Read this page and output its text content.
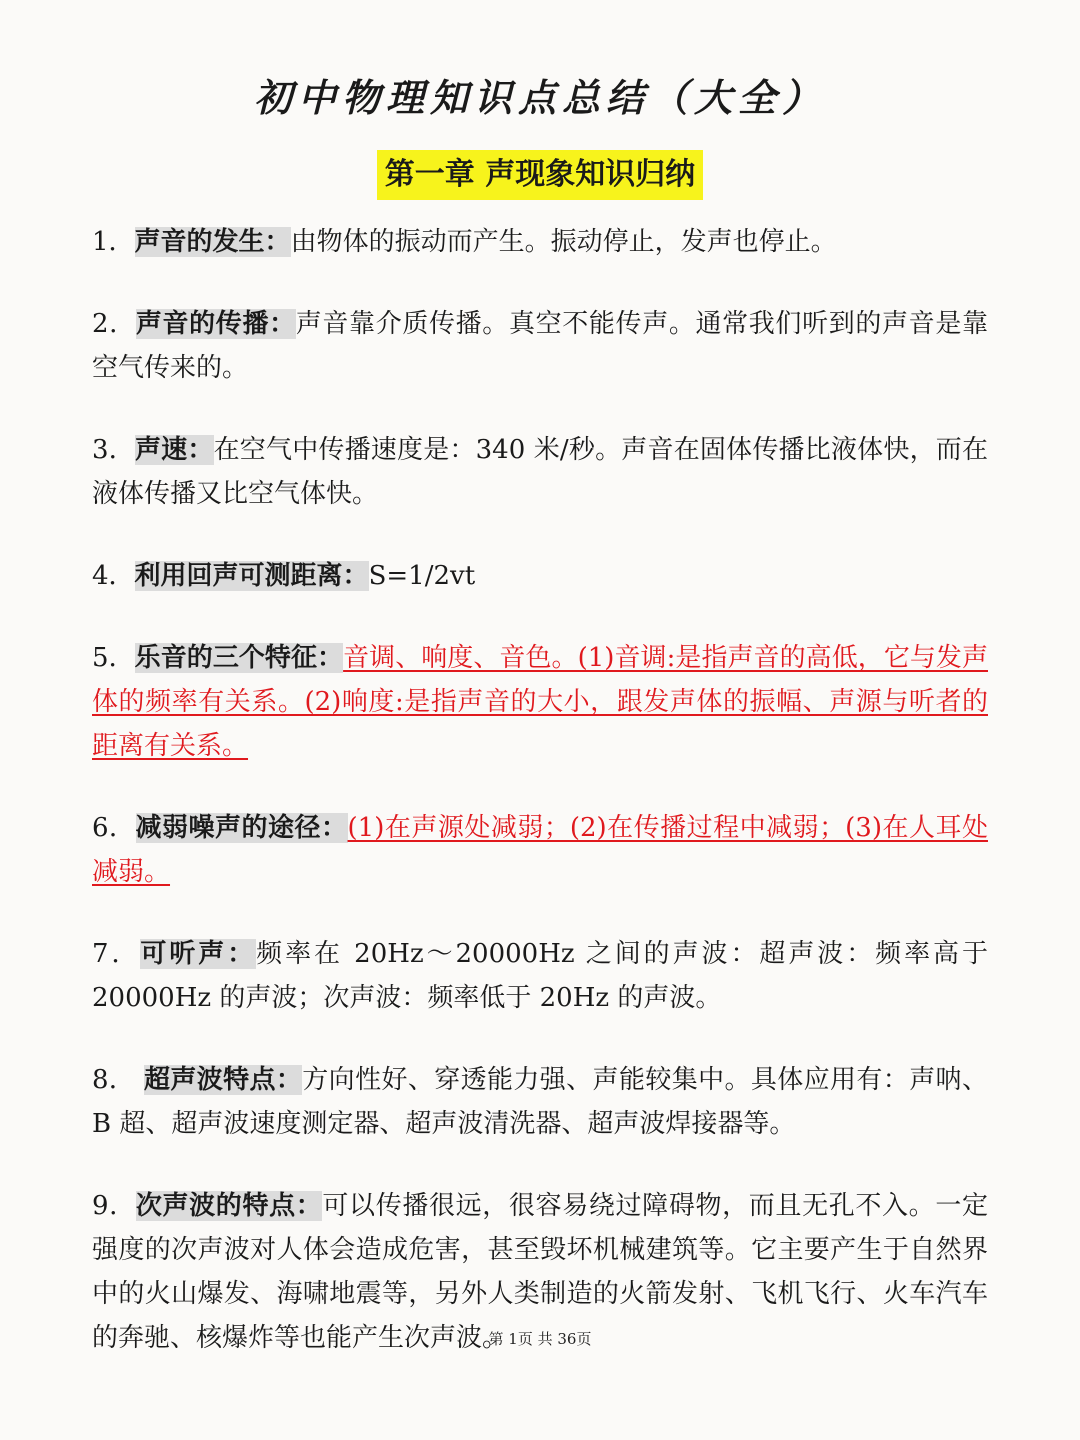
初中物理知识点总结（大全）
第一章 声现象知识归纳

1．声音的发生：由物体的振动而产生。振动停止，发声也停止。

2．声音的传播：声音靠介质传播。真空不能传声。通常我们听到的声音是靠空气传来的。

3．声速：在空气中传播速度是：340 米/秒。声音在固体传播比液体快，而在液体传播又比空气体快。

4．利用回声可测距离：S=1/2vt

5．乐音的三个特征：音调、响度、音色。(1)音调:是指声音的高低，它与发声体的频率有关系。(2)响度:是指声音的大小，跟发声体的振幅、声源与听者的距离有关系。

6．减弱噪声的途径：(1)在声源处减弱；(2)在传播过程中减弱；(3)在人耳处减弱。

7．可听声：频率在 20Hz～20000Hz 之间的声波：超声波：频率高于 20000Hz 的声波；次声波：频率低于 20Hz 的声波。

8． 超声波特点：方向性好、穿透能力强、声能较集中。具体应用有：声呐、B 超、超声波速度测定器、超声波清洗器、超声波焊接器等。

9．次声波的特点：可以传播很远，很容易绕过障碍物，而且无孔不入。一定强度的次声波对人体会造成危害，甚至毁坏机械建筑等。它主要产生于自然界中的火山爆发、海啸地震等，另外人类制造的火箭发射、飞机飞行、火车汽车的奔驰、核爆炸等也能产生次声波。

第 1页 共 36页
